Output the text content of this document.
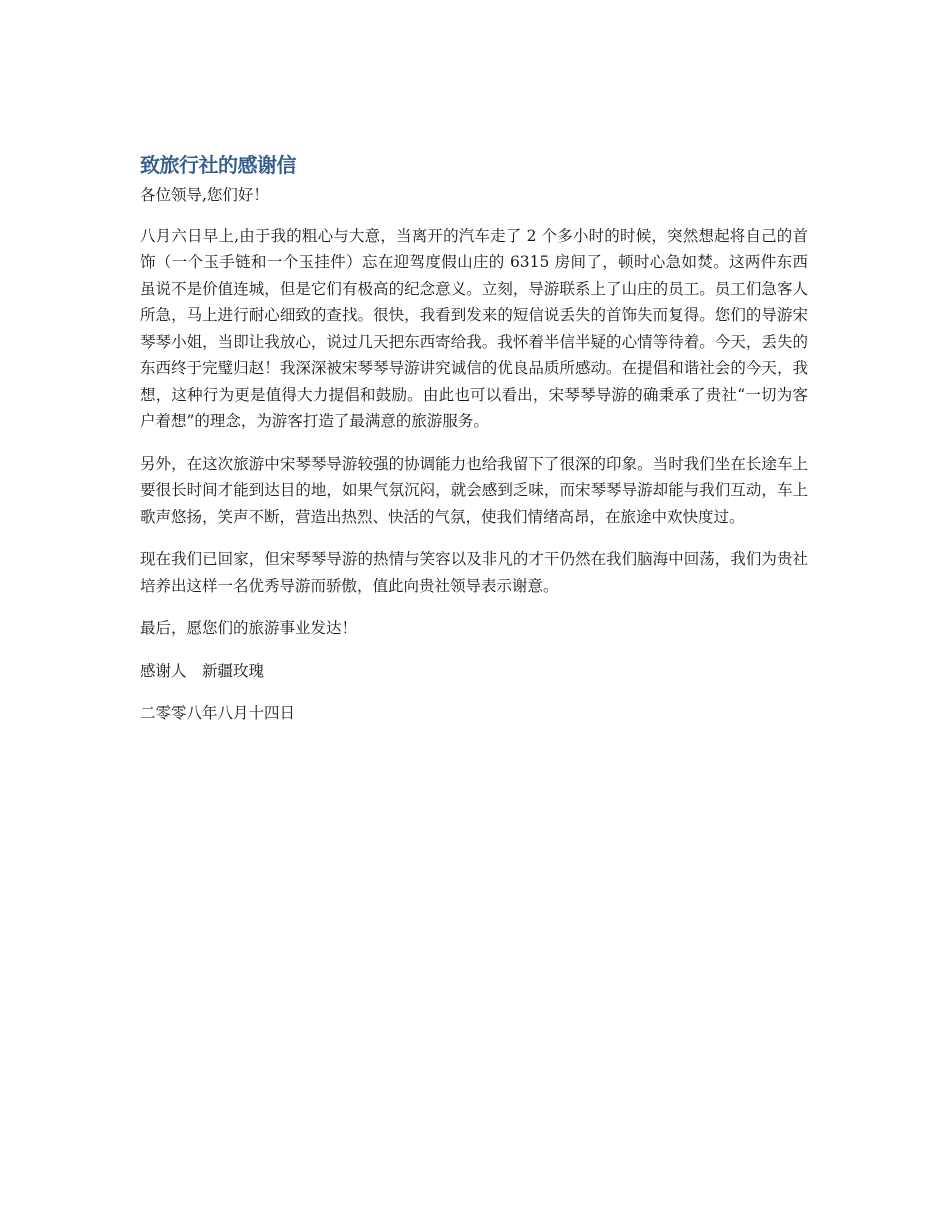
致旅行社的感谢信

各位领导,您们好！

八月六日早上,由于我的粗心与大意，当离开的汽车走了 2 个多小时的时候，突然想起将自己的首饰（一个玉手链和一个玉挂件）忘在迎驾度假山庄的 6315 房间了，顿时心急如焚。这两件东西虽说不是价值连城，但是它们有极高的纪念意义。立刻，导游联系上了山庄的员工。员工们急客人所急，马上进行耐心细致的查找。很快，我看到发来的短信说丢失的首饰失而复得。您们的导游宋琴琴小姐，当即让我放心，说过几天把东西寄给我。我怀着半信半疑的心情等待着。今天，丢失的东西终于完璧归赵！我深深被宋琴琴导游讲究诚信的优良品质所感动。在提倡和谐社会的今天，我想，这种行为更是值得大力提倡和鼓励。由此也可以看出，宋琴琴导游的确秉承了贵社“一切为客户着想”的理念，为游客打造了最满意的旅游服务。

另外，在这次旅游中宋琴琴导游较强的协调能力也给我留下了很深的印象。当时我们坐在长途车上要很长时间才能到达目的地，如果气氛沉闷，就会感到乏味，而宋琴琴导游却能与我们互动，车上歌声悠扬，笑声不断，营造出热烈、快活的气氛，使我们情绪高昂，在旅途中欢快度过。

现在我们已回家，但宋琴琴导游的热情与笑容以及非凡的才干仍然在我们脑海中回荡，我们为贵社培养出这样一名优秀导游而骄傲，值此向贵社领导表示谢意。

最后，愿您们的旅游事业发达！

感谢人　新疆玫瑰

二零零八年八月十四日
